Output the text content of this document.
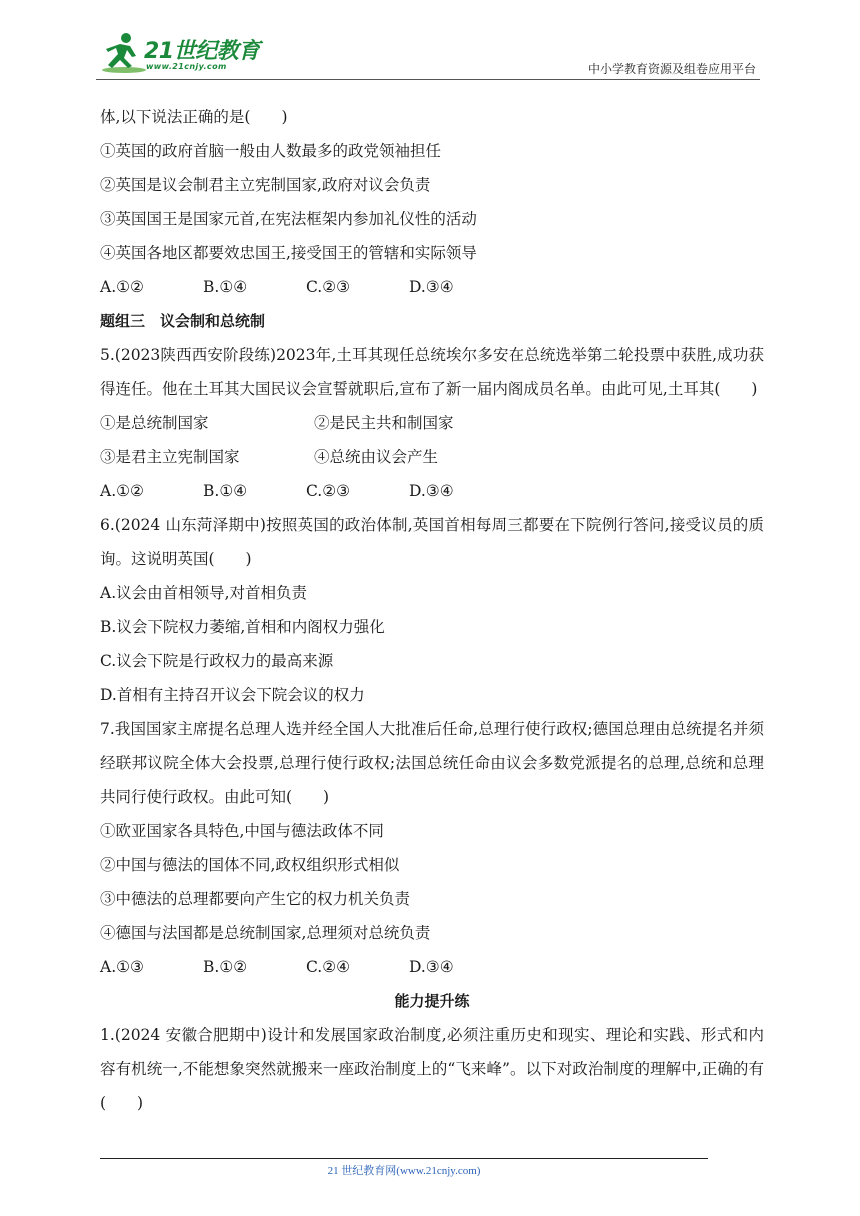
21世纪教育
www.21cnjy.com	中小学教育资源及组卷应用平台
体,以下说法正确的是(　　)
①英国的政府首脑一般由人数最多的政党领袖担任
②英国是议会制君主立宪制国家,政府对议会负责
③英国国王是国家元首,在宪法框架内参加礼仪性的活动
④英国各地区都要效忠国王,接受国王的管辖和实际领导
A.①②	B.①④	C.②③	D.③④
题组三　议会制和总统制
5.(2023陕西西安阶段练)2023年,土耳其现任总统埃尔多安在总统选举第二轮投票中获胜,成功获得连任。他在土耳其大国民议会宣誓就职后,宣布了新一届内阁成员名单。由此可见,土耳其(　　)
①是总统制国家	②是民主共和制国家
③是君主立宪制国家	④总统由议会产生
A.①②	B.①④	C.②③	D.③④
6.(2024 山东菏泽期中)按照英国的政治体制,英国首相每周三都要在下院例行答问,接受议员的质询。这说明英国(　　)
A.议会由首相领导,对首相负责
B.议会下院权力萎缩,首相和内阁权力强化
C.议会下院是行政权力的最高来源
D.首相有主持召开议会下院会议的权力
7.我国国家主席提名总理人选并经全国人大批准后任命,总理行使行政权;德国总理由总统提名并须经联邦议院全体大会投票,总理行使行政权;法国总统任命由议会多数党派提名的总理,总统和总理共同行使行政权。由此可知(　　)
①欧亚国家各具特色,中国与德法政体不同
②中国与德法的国体不同,政权组织形式相似
③中德法的总理都要向产生它的权力机关负责
④德国与法国都是总统制国家,总理须对总统负责
A.①③	B.①②	C.②④	D.③④
能力提升练
1.(2024 安徽合肥期中)设计和发展国家政治制度,必须注重历史和现实、理论和实践、形式和内容有机统一,不能想象突然就搬来一座政治制度上的“飞来峰”。以下对政治制度的理解中,正确的有(　　)
21 世纪教育网(www.21cnjy.com)
